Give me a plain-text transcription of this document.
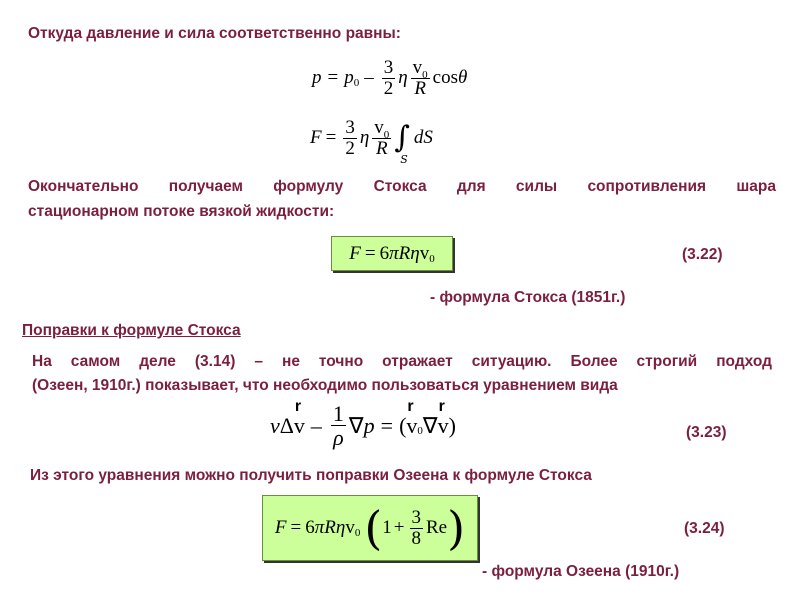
Откуда давление и сила соответственно равны:
p = p $0 - \frac{3}{2}$ η $\frac{v_0}{R}$ cos θ
$F = \frac{3}{2}$ η $\frac{v_0}{R}$ ∫
S
dS
Окончательно получаем формулу Стокса для силы сопротивления шара
стационарном потоке вязкой жидкости:
F = 6 π R η v 0	(3.22)
- формула Стокса (1851г.)
Поправки к формуле Стокса
На самом деле (3.14) – не точно отражает ситуацию. Более строгий подход
(Озеен, 1910г.) показывает, что необходимо пользоваться уравнением вида
ν Δ r v – $\frac{1}{\rho}$ ∇ p = ( r v 0 ∇ r v )	(3.23)
Из этого уравнения можно получить поправки Озеена к формуле Стокса
F = 6 π R η v 0 ( $1 + \frac{3}{8}$ Re )	(3.24)
- формула Озеена (1910г.)
